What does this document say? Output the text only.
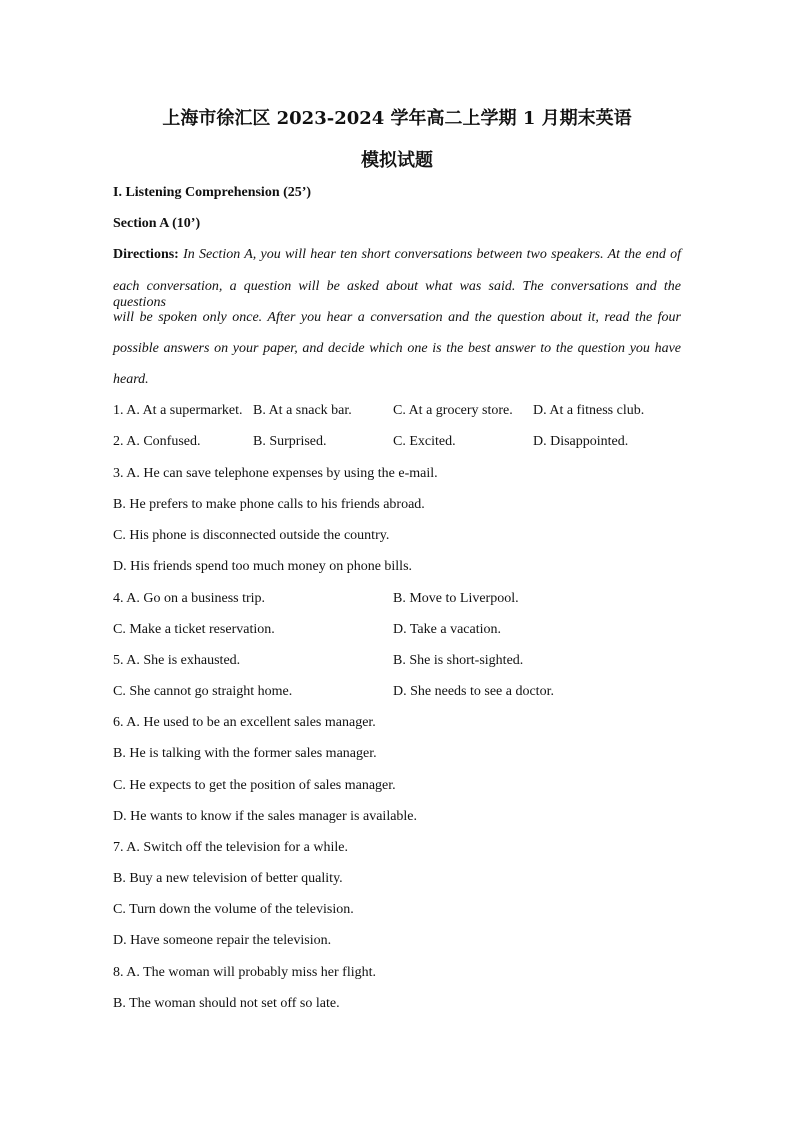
上海市徐汇区 2023-2024 学年高二上学期 1 月期末英语
模拟试题
I. Listening Comprehension (25’)
Section A (10’)
Directions: In Section A, you will hear ten short conversations between two speakers. At the end of
each conversation, a question will be asked about what was said. The conversations and the questions
will be spoken only once. After you hear a conversation and the question about it, read the four
possible answers on your paper, and decide which one is the best answer to the question you have
heard.
1. A. At a supermarket. B. At a snack bar.	C. At a grocery store.	D. At a fitness club.
2. A. Confused.	B. Surprised.	C. Excited.	D. Disappointed.
3. A. He can save telephone expenses by using the e-mail.
B. He prefers to make phone calls to his friends abroad.
C. His phone is disconnected outside the country.
D. His friends spend too much money on phone bills.
4. A. Go on a business trip.	B. Move to Liverpool.
C. Make a ticket reservation.	D. Take a vacation.
5. A. She is exhausted.	B. She is short-sighted.
C. She cannot go straight home.	D. She needs to see a doctor.
6. A. He used to be an excellent sales manager.
B. He is talking with the former sales manager.
C. He expects to get the position of sales manager.
D. He wants to know if the sales manager is available.
7. A. Switch off the television for a while.
B. Buy a new television of better quality.
C. Turn down the volume of the television.
D. Have someone repair the television.
8. A. The woman will probably miss her flight.
B. The woman should not set off so late.
